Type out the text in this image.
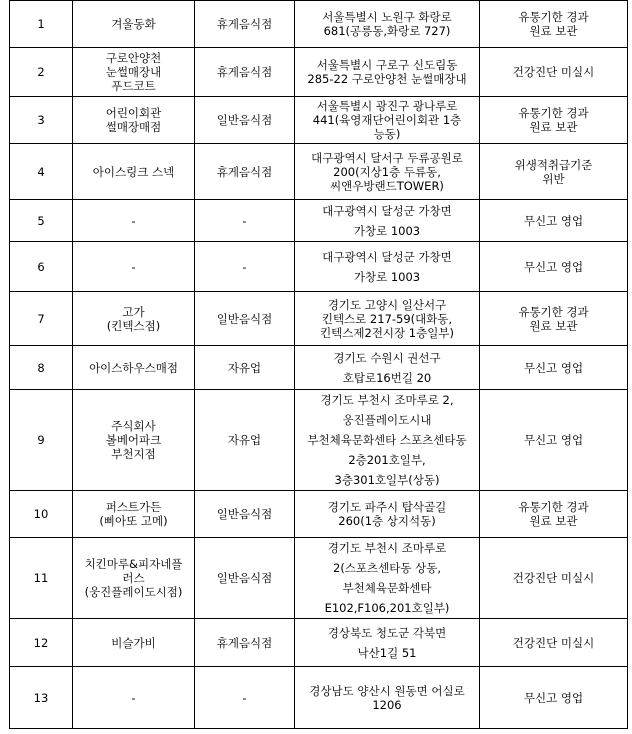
1	겨울동화	휴게음식점	서울특별시 노원구 화랑로
681(공릉동,화랑로 727)	유통기한 경과
원료 보관

2	구로안양천
눈썰매장내
푸드코트	휴게음식점	서울특별시 구로구 신도림동
285-22 구로안양천 눈썰매장내	건강진단 미실시

3	어린이회관
썰매장매점	일반음식점	서울특별시 광진구 광나루로
441(육영재단어린이회관 1층
능동)	유통기한 경과
원료 보관

4	아이스링크 스넥	휴게음식점	대구광역시 달서구 두류공원로
200(지상1층 두류동,
씨앤우방랜드TOWER)	위생적취급기준
위반

5	-	-	대구광역시 달성군 가창면
가창로 1003	무신고 영업

6	-	-	대구광역시 달성군 가창면
가창로 1003	무신고 영업

7	고가
(킨텍스점)	일반음식점	경기도 고양시 일산서구
킨텍스로 217-59(대화동,
킨텍스제2전시장 1층일부)	유통기한 경과
원료 보관

8	아이스하우스매점	자유업	경기도 수원시 권선구
호탑로16번길 20	무신고 영업

9	주식회사
볼베어파크
부천지점	자유업	경기도 부천시 조마루로 2,
웅진플레이도시내
부천체육문화센타 스포츠센타동
2층201호일부,
3층301호일부(상동)	무신고 영업

10	퍼스트가든
(삐아또 고메)	일반음식점	경기도 파주시 탑삭골길
260(1층 상지석동)	유통기한 경과
원료 보관

11	치킨마루&피자네플
러스
(웅진플레이도시점)	일반음식점	경기도 부천시 조마루로
2(스포츠센타동 상동,
부천체육문화센타
E102,F106,201호일부)	건강진단 미실시

12	비슬가비	휴게음식점	경상북도 청도군 각북면
낙산1길 51	건강진단 미실시

13	-	-	경상남도 양산시 원동면 어실로
1206	무신고 영업
